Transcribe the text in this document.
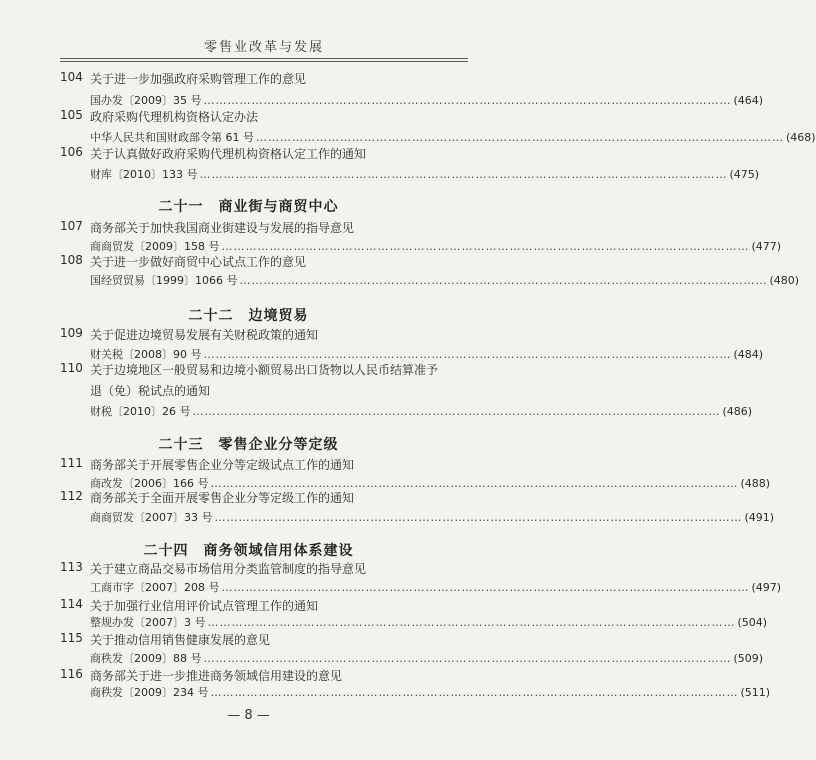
零售业改革与发展
104 关于进一步加强政府采购管理工作的意见
国办发〔2009〕35 号 …………………………………………………………………………………………………………………… (464)
105 政府采购代理机构资格认定办法
中华人民共和国财政部令第 61 号 …………………………………………………………………………………………………………………… (468)
106 关于认真做好政府采购代理机构资格认定工作的通知
财库〔2010〕133 号 …………………………………………………………………………………………………………………… (475)
二十一　商业街与商贸中心
107 商务部关于加快我国商业街建设与发展的指导意见
商商贸发〔2009〕158 号 …………………………………………………………………………………………………………………… (477)
108 关于进一步做好商贸中心试点工作的意见
国经贸贸易〔1999〕1066 号 …………………………………………………………………………………………………………………… (480)
二十二　边境贸易
109 关于促进边境贸易发展有关财税政策的通知
财关税〔2008〕90 号 …………………………………………………………………………………………………………………… (484)
110 关于边境地区一般贸易和边境小额贸易出口货物以人民币结算准予
退（免）税试点的通知
财税〔2010〕26 号 …………………………………………………………………………………………………………………… (486)
二十三　零售企业分等定级
111 商务部关于开展零售企业分等定级试点工作的通知
商改发〔2006〕166 号 …………………………………………………………………………………………………………………… (488)
112 商务部关于全面开展零售企业分等定级工作的通知
商商贸发〔2007〕33 号 …………………………………………………………………………………………………………………… (491)
二十四　商务领域信用体系建设
113 关于建立商品交易市场信用分类监管制度的指导意见
工商市字〔2007〕208 号 …………………………………………………………………………………………………………………… (497)
114 关于加强行业信用评价试点管理工作的通知
整规办发〔2007〕3 号 …………………………………………………………………………………………………………………… (504)
115 关于推动信用销售健康发展的意见
商秩发〔2009〕88 号 …………………………………………………………………………………………………………………… (509)
116 商务部关于进一步推进商务领域信用建设的意见
商秩发〔2009〕234 号 …………………………………………………………………………………………………………………… (511)
— 8 —
